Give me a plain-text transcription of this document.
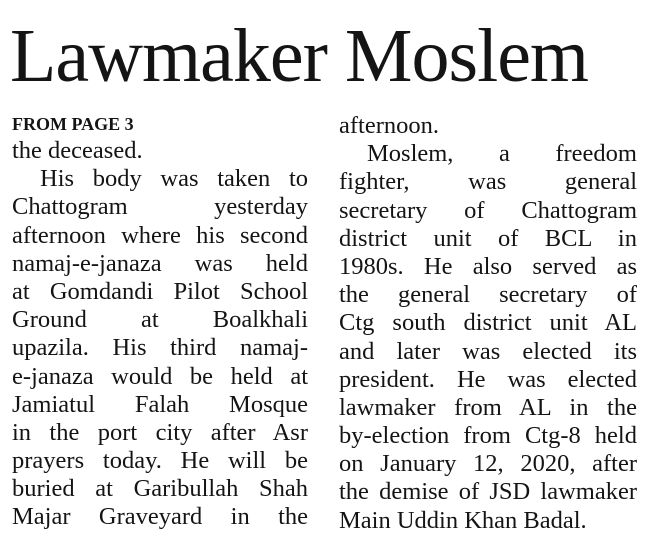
Lawmaker Moslem
FROM PAGE 3
the deceased.
His body was taken to
Chattogram yesterday
afternoon where his second
namaj-e-janaza was held
at Gomdandi Pilot School
Ground at Boalkhali
upazila. His third namaj-
e-janaza would be held at
Jamiatul Falah Mosque
in the port city after Asr
prayers today. He will be
buried at Garibullah Shah
Majar Graveyard in the
afternoon.
Moslem, a freedom
fighter, was general
secretary of Chattogram
district unit of BCL in
1980s. He also served as
the general secretary of
Ctg south district unit AL
and later was elected its
president. He was elected
lawmaker from AL in the
by-election from Ctg-8 held
on January 12, 2020, after
the demise of JSD lawmaker
Main Uddin Khan Badal.
